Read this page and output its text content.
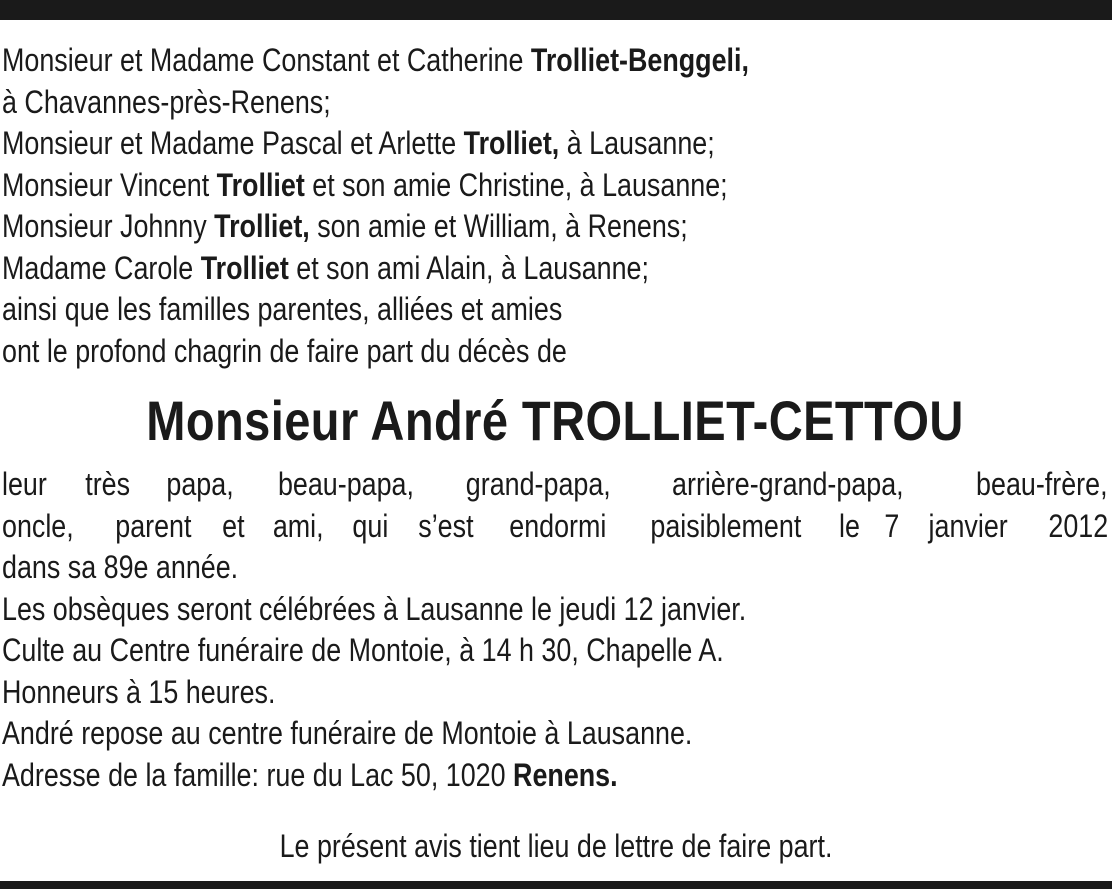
Monsieur et Madame Constant et Catherine Trolliet-Benggeli,
à Chavannes-près-Renens;
Monsieur et Madame Pascal et Arlette Trolliet, à Lausanne;
Monsieur Vincent Trolliet et son amie Christine, à Lausanne;
Monsieur Johnny Trolliet, son amie et William, à Renens;
Madame Carole Trolliet et son ami Alain, à Lausanne;
ainsi que les familles parentes, alliées et amies
ont le profond chagrin de faire part du décès de
Monsieur André TROLLIET-CETTOU
leur très papa, beau-papa, grand-papa, arrière-grand-papa, beau-frère,
oncle, parent et ami, qui s’est endormi paisiblement le 7 janvier 2012
dans sa 89e année.
Les obsèques seront célébrées à Lausanne le jeudi 12 janvier.
Culte au Centre funéraire de Montoie, à 14 h 30, Chapelle A.
Honneurs à 15 heures.
André repose au centre funéraire de Montoie à Lausanne.
Adresse de la famille: rue du Lac 50, 1020 Renens.
Le présent avis tient lieu de lettre de faire part.
